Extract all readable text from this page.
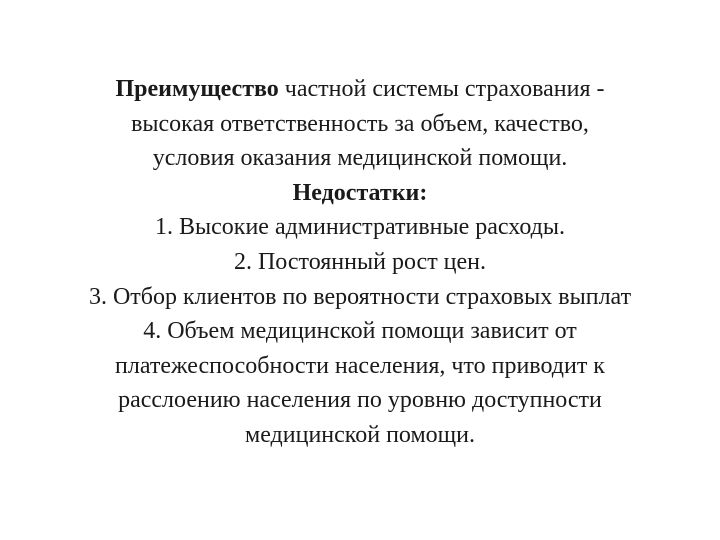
Преимущество частной системы страхования -
высокая ответственность за объем, качество,
условия оказания медицинской помощи.
Недостатки:
1. Высокие административные расходы.
2. Постоянный рост цен.
3. Отбор клиентов по вероятности страховых выплат
4. Объем медицинской помощи зависит от
платежеспособности населения, что приводит к
расслоению населения по уровню доступности
медицинской помощи.
